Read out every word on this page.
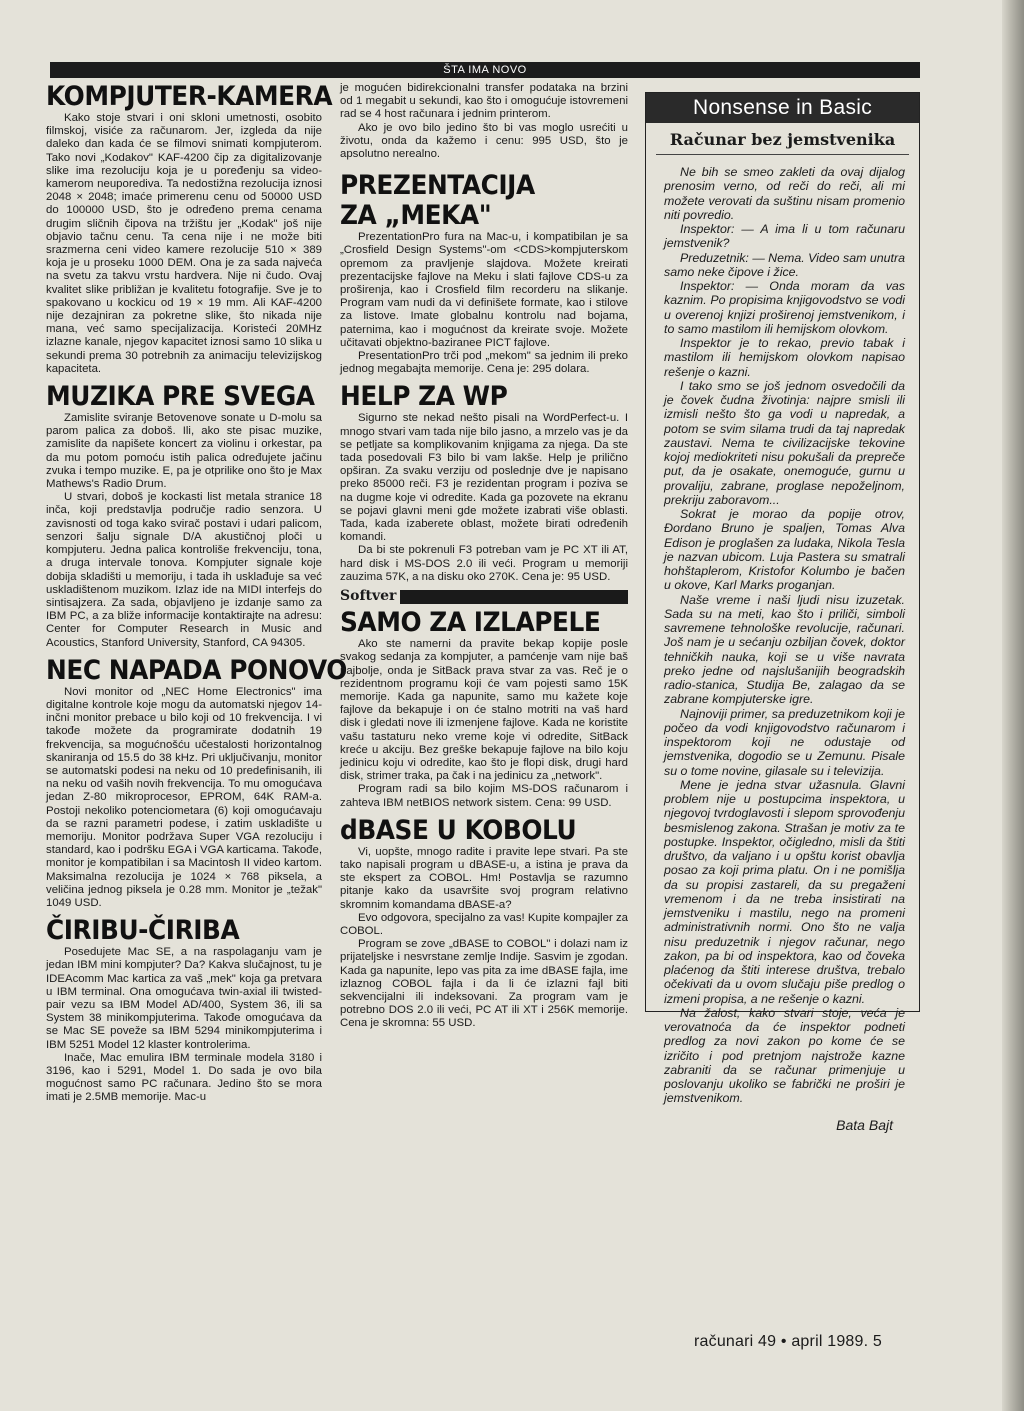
ŠTA IMA NOVO
KOMPJUTER-KAMERA

Kako stoje stvari i oni skloni umetnosti, osobito filmskoj, visiće za računarom. Jer, izgleda da nije daleko dan kada će se filmovi snimati kompjuterom. Tako novi „Kodakov" KAF-4200 čip za digitalizovanje slike ima rezoluciju koja je u poređenju sa video-kamerom neuporediva. Ta nedostižna rezolucija iznosi 2048 × 2048; imaće primerenu cenu od 50000 USD do 100000 USD, što je određeno prema cenama drugim sličnih čipova na tržištu jer „Kodak" još nije objavio tačnu cenu. Ta cena nije i ne može biti srazmerna ceni video kamere rezolucije 510 × 389 koja je u proseku 1000 DEM. Ona je za sada najveća na svetu za takvu vrstu hardvera. Nije ni čudo. Ovaj kvalitet slike približan je kvalitetu fotografije. Sve je to spakovano u kockicu od 19 × 19 mm. Ali KAF-4200 nije dezajniran za pokretne slike, što nikada nije mana, već samo specijalizacija. Koristeći 20MHz izlazne kanale, njegov kapacitet iznosi samo 10 slika u sekundi prema 30 potrebnih za animaciju televizijskog kapaciteta.

MUZIKA PRE SVEGA

Zamislite sviranje Betovenove sonate u D-molu sa parom palica za doboš. Ili, ako ste pisac muzike, zamislite da napišete koncert za violinu i orkestar, pa da mu potom pomoću istih palica određujete jačinu zvuka i tempo muzike. E, pa je otprilike ono što je Max Mathews's Radio Drum.

U stvari, doboš je kockasti list metala stranice 18 inča, koji predstavlja područje radio senzora. U zavisnosti od toga kako svirač postavi i udari palicom, senzori šalju signale D/A akustičnoj ploči u kompjuteru. Jedna palica kontroliše frekvenciju, tona, a druga intervale tonova. Kompjuter signale koje dobija skladišti u memoriju, i tada ih usklađuje sa već uskladištenom muzikom. Izlaz ide na MIDI interfejs do sintisajzera. Za sada, objavljeno je izdanje samo za IBM PC, a za bliže informacije kontaktirajte na adresu: Center for Computer Research in Music and Acoustics, Stanford University, Stanford, CA 94305.

NEC NAPADA PONOVO

Novi monitor od „NEC Home Electronics" ima digitalne kontrole koje mogu da automatski njegov 14-inčni monitor prebace u bilo koji od 10 frekvencija. I vi takođe možete da programirate dodatnih 19 frekvencija, sa mogućnošću učestalosti horizontalnog skaniranja od 15.5 do 38 kHz. Pri uključivanju, monitor se automatski podesi na neku od 10 predefinisanih, ili na neku od vaših novih frekvencija. To mu omogućava jedan Z-80 mikroprocesor, EPROM, 64K RAM-a. Postoji nekoliko potenciometara (6) koji omogućavaju da se razni parametri podese, i zatim uskladište u memoriju. Monitor podržava Super VGA rezoluciju i standard, kao i podršku EGA i VGA karticama. Takođe, monitor je kompatibilan i sa Macintosh II video kartom. Maksimalna rezolucija je 1024 × 768 piksela, a veličina jednog piksela je 0.28 mm. Monitor je „težak" 1049 USD.

ČIRIBU-ČIRIBA

Posedujete Mac SE, a na raspolaganju vam je jedan IBM mini kompjuter? Da? Kakva slučajnost, tu je IDEAcomm Mac kartica za vaš „mek" koja ga pretvara u IBM terminal. Ona omogućava twin-axial ili twisted-pair vezu sa IBM Model AD/400, System 36, ili sa System 38 minikompjuterima. Takođe omogućava da se Mac SE poveže sa IBM 5294 minikompjuterima i IBM 5251 Model 12 klaster kontrolerima.

Inače, Mac emulira IBM terminale modela 3180 i 3196, kao i 5291, Model 1. Do sada je ovo bila mogućnost samo PC računara. Jedino što se mora imati je 2.5MB memorije. Mac-u

je mogućen bidirekcionalni transfer podataka na brzini od 1 megabit u sekundi, kao što i omogućuje istovremeni rad se 4 host računara i jednim printerom.

Ako je ovo bilo jedino što bi vas moglo usrećiti u životu, onda da kažemo i cenu: 995 USD, što je apsolutno nerealno.

PREZENTACIJA
ZA „MEKA"

PrezentationPro fura na Mac-u, i kompatibilan je sa „Crosfield Design Systems"-om <CDS>kompjuterskom opremom za pravljenje slajdova. Možete kreirati prezentacijske fajlove na Meku i slati fajlove CDS-u za proširenja, kao i Crosfield film recorderu na slikanje. Program vam nudi da vi definišete formate, kao i stilove za listove. Imate globalnu kontrolu nad bojama, paternima, kao i mogućnost da kreirate svoje. Možete učitavati objektno-baziraneе PICT fajlove.

PresentationPro trči pod „mekom" sa jednim ili preko jednog megabajta memorije. Cena je: 295 dolara.

HELP ZA WP

Sigurno ste nekad nešto pisali na WordPerfect-u. I mnogo stvari vam tada nije bilo jasno, a mrzelo vas je da se petljate sa komplikovanim knjigama za njega. Da ste tada posedovali F3 bilo bi vam lakše. Help je prilično opširan. Za svaku verziju od poslednje dve je napisano preko 85000 reči. F3 je rezidentan program i poziva se na dugme koje vi odredite. Kada ga pozovete na ekranu se pojavi glavni meni gde možete izabrati više oblasti. Tada, kada izaberete oblast, možete birati određenih komandi.

Da bi ste pokrenuli F3 potreban vam je PC XT ili AT, hard disk i MS-DOS 2.0 ili veći. Program u memoriji zauzima 57K, a na disku oko 270K. Cena je: 95 USD.

Softver
SAMO ZA IZLAPELE

Ako ste namerni da pravite bekap kopije posle svakog sedanja za kompjuter, a pamćenje vam nije baš najbolje, onda je SitBack prava stvar za vas. Reč je o rezidentnom programu koji će vam pojesti samo 15K memorije. Kada ga napunite, samo mu kažete koje fajlove da bekapuje i on će stalno motriti na vaš hard disk i gledati nove ili izmenjene fajlove. Kada ne koristite vašu tastaturu neko vreme koje vi odredite, SitBack kreće u akciju. Bez greške bekapuje fajlove na bilo koju jedinicu koju vi odredite, kao što je flopi disk, drugi hard disk, strimer traka, pa čak i na jedinicu za „network".

Program radi sa bilo kojim MS-DOS računarom i zahteva IBM netBIOS network sistem. Cena: 99 USD.

dBASE U KOBOLU

Vi, uopšte, mnogo radite i pravite lepe stvari. Pa ste tako napisali program u dBASE-u, a istina je prava da ste ekspert za COBOL. Hm! Postavlja se razumno pitanje kako da usavršite svoj program relativno skromnim komandama dBASE-a?

Evo odgovora, specijalno za vas! Kupite kompajler za COBOL.

Program se zove „dBASE to COBOL" i dolazi nam iz prijateljske i nesvrstane zemlje Indije. Sasvim je zgodan. Kada ga napunite, lepo vas pita za ime dBASE fajla, ime izlaznog COBOL fajla i da li će izlazni fajl biti sekvencijalni ili indeksovani. Za program vam je potrebno DOS 2.0 ili veći, PC AT ili XT i 256K memorije. Cena je skromna: 55 USD.

Nonsense in Basic
Računar bez jemstvenika

Ne bih se smeo zakleti da ovaj dijalog prenosim verno, od reči do reči, ali mi možete verovati da suštinu nisam promenio niti povredio.

Inspektor: — A ima li u tom računaru jemstvenik?

Preduzetnik: — Nema. Video sam unutra samo neke čipove i žice.

Inspektor: — Onda moram da vas kaznim. Po propisima knjigovodstvo se vodi u overenoj knjizi proširenoj jemstvenikom, i to samo mastilom ili hemijskom olovkom.

Inspektor je to rekao, previo tabak i mastilom ili hemijskom olovkom napisao rešenje o kazni.

I tako smo se još jednom osvedočili da je čovek čudna životinja: najpre smisli ili izmisli nešto što ga vodi u napredak, a potom se svim silama trudi da taj napredak zaustavi. Nema te civilizacijske tekovine kojoj mediokriteti nisu pokušali da preprečе put, da je osakate, onemoguće, gurnu u provaliju, zabrane, proglase nepoželjnom, prekriju zaboravom...

Sokrat je morao da popije otrov, Đordano Bruno je spaljen, Tomas Alva Edison je proglašen za ludaka, Nikola Tesla je nazvan ubicom. Luja Pastera su smatrali hohštaplerom, Kristofor Kolumbo je bačen u okove, Karl Marks proganjan.

Naše vreme i naši ljudi nisu izuzetak. Sada su na meti, kao što i priliči, simboli savremene tehnološke revolucije, računari. Još nam je u sećanju ozbiljan čovek, doktor tehničkih nauka, koji se u više navrata preko jedne od najslušanijih beogradskih radio-stanica, Studija Be, zalagao da se zabrane kompjuterske igre.

Najnoviji primer, sa preduzetnikom koji je počeo da vodi knjigovodstvo računarom i inspektorom koji ne odustaje od jemstvenika, dogodio se u Zemunu. Pisale su o tome novine, gilasale su i televizija.

Mene je jedna stvar užasnula. Glavni problem nije u postupcima inspektora, u njegovoj tvrdoglavosti i slepom sprovođenju besmislenog zakona. Strašan je motiv za te postupke. Inspektor, očigledno, misli da štiti društvo, da valjano i u opštu korist obavlja posao za koji prima platu. On i ne pomišlja da su propisi zastareli, da su pregaženi vremenom i da ne treba insistirati na jemstveniku i mastilu, nego na promeni administrativnih normi. Ono što ne valja nisu preduzetnik i njegov računar, nego zakon, pa bi od inspektora, kao od čoveka plaćenog da štiti interese društva, trebalo očekivati da u ovom slučaju piše predlog o izmeni propisa, a ne rešenje o kazni.

Na žalost, kako stvari stoje, veća je verovatnoća da će inspektor podneti predlog za novi zakon po kome će se izričito i pod pretnjom najstrože kazne zabraniti da se računar primenjuje u poslovanju ukoliko se fabrički ne proširi je jemstvenikom.

Bata Bajt
računari 49 • april 1989. 5
